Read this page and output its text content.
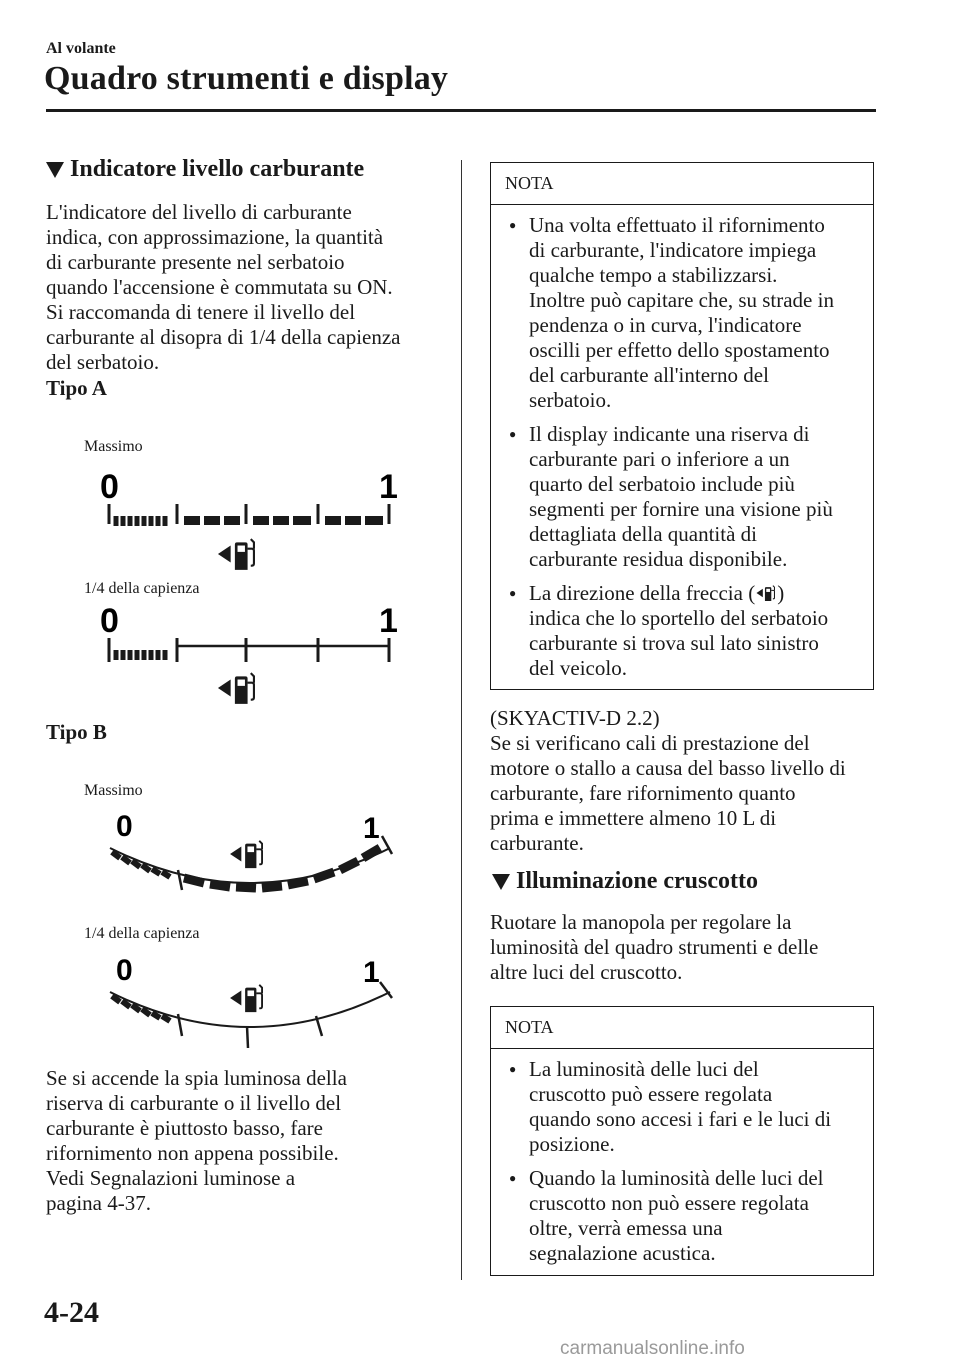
Al volante
Quadro strumenti e display
Indicatore livello carburante
L'indicatore del livello di carburante
indica, con approssimazione, la quantità
di carburante presente nel serbatoio
quando l'accensione è commutata su ON.
Si raccomanda di tenere il livello del
carburante al disopra di 1/4 della capienza
del serbatoio.
Tipo A
Massimo
0	1
1/4 della capienza
0	1
Tipo B
Massimo
0	1
1/4 della capienza
0	1
Se si accende la spia luminosa della
riserva di carburante o il livello del
carburante è piuttosto basso, fare
rifornimento non appena possibile.
Vedi Segnalazioni luminose a
pagina 4-37.
NOTA
● Una volta effettuato il rifornimento
di carburante, l'indicatore impiega
qualche tempo a stabilizzarsi.
Inoltre può capitare che, su strade in
pendenza o in curva, l'indicatore
oscilli per effetto dello spostamento
del carburante all'interno del
serbatoio.
● Il display indicante una riserva di
carburante pari o inferiore a un
quarto del serbatoio include più
segmenti per fornire una visione più
dettagliata della quantità di
carburante residua disponibile.
● La direzione della freccia ( )
indica che lo sportello del serbatoio
carburante si trova sul lato sinistro
del veicolo.
(SKYACTIV-D 2.2)
Se si verificano cali di prestazione del
motore o stallo a causa del basso livello di
carburante, fare rifornimento quanto
prima e immettere almeno 10 L di
carburante.
Illuminazione cruscotto
Ruotare la manopola per regolare la
luminosità del quadro strumenti e delle
altre luci del cruscotto.
NOTA
● La luminosità delle luci del
cruscotto può essere regolata
quando sono accesi i fari e le luci di
posizione.
● Quando la luminosità delle luci del
cruscotto non può essere regolata
oltre, verrà emessa una
segnalazione acustica.
4-24
carmanualsonline.info
